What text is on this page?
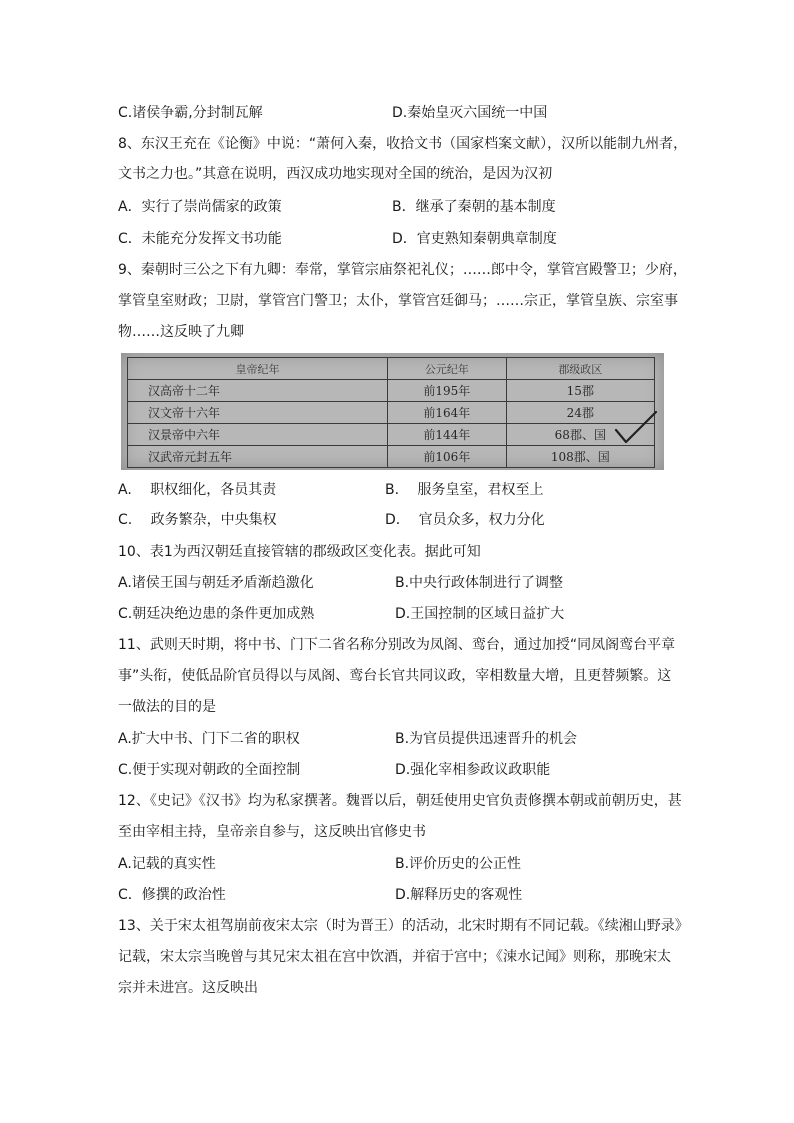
C.诸侯争霸,分封制瓦解	D.秦始皇灭六国统一中国
8、东汉王充在《论衡》中说：“萧何入秦，收拾文书（国家档案文献），汉所以能制九州者，
文书之力也。”其意在说明，西汉成功地实现对全国的统治，是因为汉初
A．实行了崇尚儒家的政策	B．继承了秦朝的基本制度
C．未能充分发挥文书功能	D．官吏熟知秦朝典章制度
9、秦朝时三公之下有九卿：奉常，掌管宗庙祭祀礼仪；……郎中令，掌管宫殿警卫；少府，
掌管皇室财政；卫尉，掌管宫门警卫；太仆，掌管宫廷御马；……宗正，掌管皇族、宗室事
物……这反映了九卿
皇帝纪年	公元纪年	郡级政区
汉高帝十二年	前195年	15郡
汉文帝十六年	前164年	24郡
汉景帝中六年	前144年	68郡、国
汉武帝元封五年	前106年	108郡、国
A.　 职权细化，各员其责	B.　 服务皇室，君权至上
C.　 政务繁杂，中央集权	D.　 官员众多，权力分化
10、表1为西汉朝廷直接管辖的郡级政区变化表。据此可知
A.诸侯王国与朝廷矛盾渐趋激化	B.中央行政体制进行了调整
C.朝廷决绝边患的条件更加成熟	D.王国控制的区域日益扩大
11、武则天时期，将中书、门下二省名称分别改为凤阁、鸾台，通过加授“同凤阁鸾台平章
事”头衔，使低品阶官员得以与凤阁、鸾台长官共同议政，宰相数量大增，且更替频繁。这
一做法的目的是
A.扩大中书、门下二省的职权	B.为官员提供迅速晋升的机会
C.便于实现对朝政的全面控制	D.强化宰相参政议政职能
12、《史记》《汉书》均为私家撰著。魏晋以后，朝廷使用史官负责修撰本朝或前朝历史，甚
至由宰相主持，皇帝亲自参与，这反映出官修史书
A.记载的真实性	B.评价历史的公正性
C．修撰的政治性	D.解释历史的客观性
13、关于宋太祖驾崩前夜宋太宗（时为晋王）的活动，北宋时期有不同记载。《续湘山野录》
记载，宋太宗当晚曾与其兄宋太祖在宫中饮酒，并宿于宫中；《涑水记闻》则称，那晚宋太
宗并未进宫。这反映出
